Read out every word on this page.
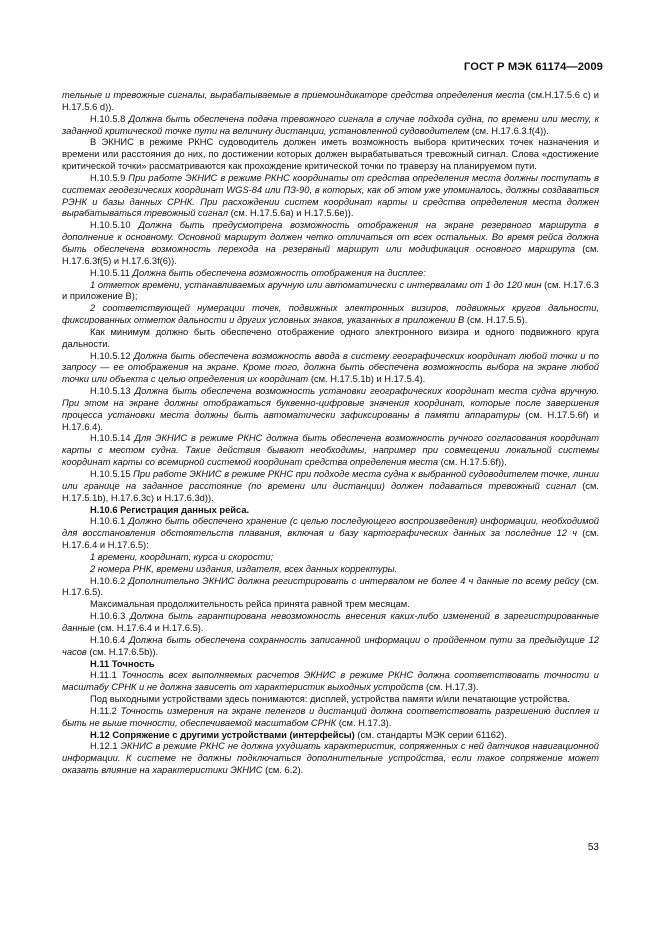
ГОСТ Р МЭК 61174—2009

тельные и тревожные сигналы, вырабатываемые в приемоиндикаторе средства определения места (см.Н.17.5.6 с) и Н.17.5.6 d)).

Н.10.5.8 Должна быть обеспечена подача тревожного сигнала в случае подхода судна, по времени или месту, к заданной критической точке пути на величину дистанции, установленной судоводителем (см. Н.17.6.3.f(4)).

В ЭКНИС в режиме РКНС судоводитель должен иметь возможность выбора критических точек назначения и времени или расстояния до них, по достижении которых должен вырабатываться тревожный сигнал. Слова «достижение критической точки» рассматриваются как прохождение критической точки по траверзу на планируемом пути.

Н.10.5.9 При работе ЭКНИС в режиме РКНС координаты от средства определения места должны поступать в системах геодезических координат WGS-84 или ПЗ-90, в которых, как об этом уже упоминалось, должны создаваться РЭНК и базы данных СРНК. При расхождении систем координат карты и средства определения места должен вырабатываться тревожный сигнал (см. Н.17.5.6a) и Н.17.5.6e)).

Н.10.5.10 Должна быть предусмотрена возможность отображения на экране резервного маршрута в дополнение к основному. Основной маршрут должен четко отличаться от всех остальных. Во время рейса должна быть обеспечена возможность перехода на резервный маршрут или модификация основного маршрута (см. Н.17.6.3f(5) и Н.17.6.3f(6)).

Н.10.5.11 Должна быть обеспечена возможность отображения на дисплее:

1 отметок времени, устанавливаемых вручную или автоматически с интервалами от 1 до 120 мин (см. Н.17.6.3 и приложение В);

2 соответствующей нумерации точек, подвижных электронных визиров, подвижных кругов дальности, фиксированных отметок дальности и других условных знаков, указанных в приложении В (см. Н.17.5.5).

Как минимум должно быть обеспечено отображение одного электронного визира и одного подвижного круга дальности.

Н.10.5.12 Должна быть обеспечена возможность ввода в систему географических координат любой точки и по запросу — ее отображения на экране. Кроме того, должна быть обеспечена возможность выбора на экране любой точки или объекта с целью определения их координат (см. Н.17.5.1b) и Н.17.5.4).

Н.10.5.13 Должна быть обеспечена возможность установки географических координат места судна вручную. При этом на экране должны отображаться буквенно-цифровые значения координат, которые после завершения процесса установки места должны быть автоматически зафиксированы в памяти аппаратуры (см. Н.17.5.6f) и Н.17.6.4).

Н.10.5.14 Для ЭКНИС в режиме РКНС должна быть обеспечена возможность ручного согласования координат карты с местом судна. Такие действия бывают необходимы, например при совмещении локальной системы координат карты со всемирной системой координат средства определения места (см. Н.17.5.6f)).

Н.10.5.15 При работе ЭКНИС в режиме РКНС при подходе места судна к выбранной судоводителем точке, линии или границе на заданное расстояние (по времени или дистанции) должен подаваться тревожный сигнал (см. Н.17.5.1b), Н.17.6.3c) и Н.17.6.3d)).

Н.10.6 Регистрация данных рейса.

Н.10.6.1 Должно быть обеспечено хранение (с целью последующего воспроизведения) информации, необходимой для восстановления обстоятельств плавания, включая и базу картографических данных за последние 12 ч (см. Н.17.6.4 и Н.17.6.5):

1 времени, координат, курса и скорости;

2 номера РНК, времени издания, издателя, всех данных корректуры.

Н.10.6.2 Дополнительно ЭКНИС должна регистрировать с интервалом не более 4 ч данные по всему рейсу (см. Н.17.6.5).

Максимальная продолжительность рейса принята равной трем месяцам.

Н.10.6.3 Должна быть гарантирована невозможность внесения каких-либо изменений в зарегистрированные данные (см. Н.17.6.4 и Н.17.6.5).

Н.10.6.4 Должна быть обеспечена сохранность записанной информации о пройденном пути за предыдущие 12 часов (см. Н.17.6.5b)).

Н.11 Точность

Н.11.1 Точность всех выполняемых расчетов ЭКНИС в режиме РКНС должна соответствовать точности и масштабу СРНК и не должна зависеть от характеристик выходных устройств (см. Н.17.3).

Под выходными устройствами здесь понимаются: дисплей, устройства памяти и/или печатающие устройства.

Н.11.2 Точность измерения на экране пеленгов и дистанций должна соответствовать разрешению дисплея и быть не выше точности, обеспечиваемой масштабом СРНК (см. Н.17.3).

Н.12 Сопряжение с другими устройствами (интерфейсы) (см. стандарты МЭК серии 61162).

Н.12.1 ЭКНИС в режиме РКНС не должна ухудшать характеристик, сопряженных с ней датчиков навигационной информации. К системе не должны подключаться дополнительные устройства, если такое сопряжение может оказать влияние на характеристики ЭКНИС (см. 6.2).

53
